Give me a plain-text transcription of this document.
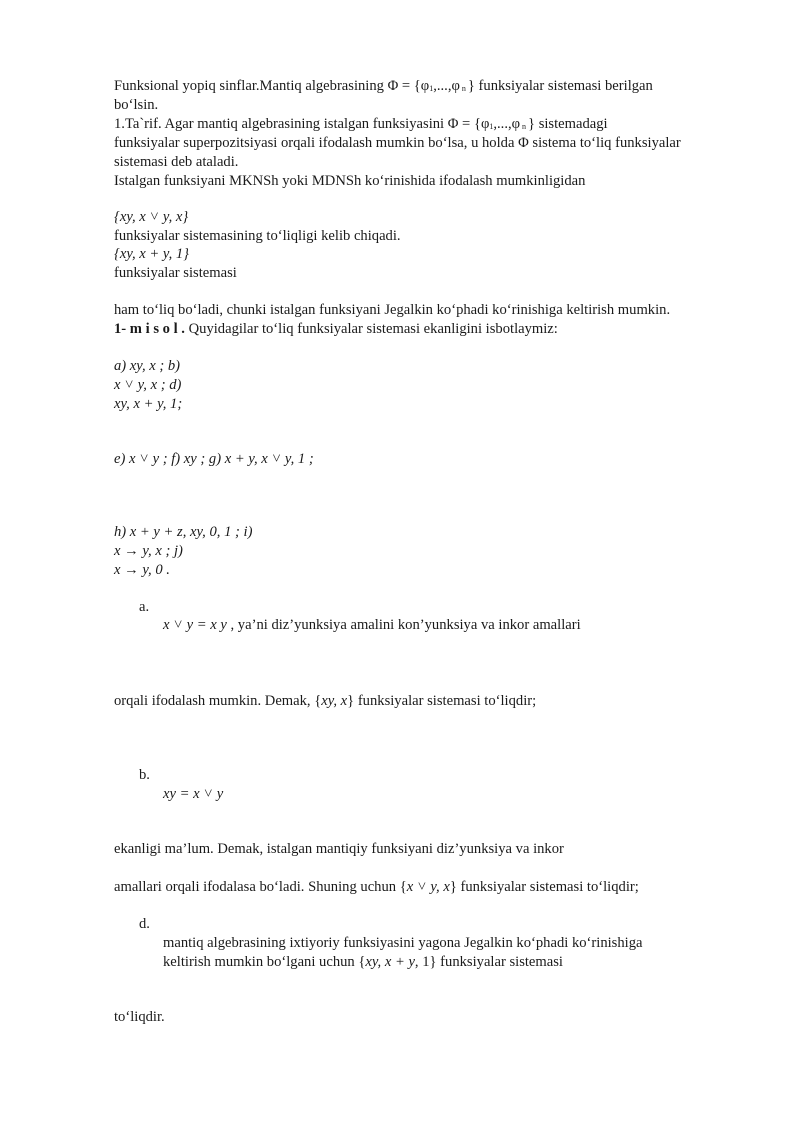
Funksional yopiq sinflar.Mantiq algebrasining $\Phi = \{\varphi_1,...,\varphi$ $_n$ } funksiyalar sistemasi berilgan
bo‘lsin.
1.Ta`rif. Agar mantiq algebrasining istalgan funksiyasini $\Phi = \{\varphi_1,...,\varphi$ $_n$ } sistemadagi
funksiyalar superpozitsiyasi orqali ifodalash mumkin bo‘lsa, u holda Φ sistema to‘liq funksiyalar
sistemasi deb ataladi.
Istalgan funksiyani MKNSh yoki MDNSh ko‘rinishida ifodalash mumkinligidan
{xy, x ˅ y, x}
funksiyalar sistemasining to‘liqligi kelib chiqadi.
{xy, x + y, 1}
funksiyalar sistemasi
ham to‘liq bo‘ladi, chunki istalgan funksiyani Jegalkin ko‘phadi ko‘rinishiga keltirish mumkin.
1- m i s o l . Quyidagilar to‘liq funksiyalar sistemasi ekanligini isbotlaymiz:
a) xy, x ; b)
x ˅ y, x ; d)
xy, x + y, 1;
e) x ˅ y ; f) xy ; g) x + y, x ˅ y, 1 ;
h) x + y + z, xy, 0, 1 ; i)
x → y, x ; j)
x → y, 0 .
a.
x ˅ y = x y , ya’ni diz’yunksiya amalini kon’yunksiya va inkor amallari
orqali ifodalash mumkin. Demak, {xy, x} funksiyalar sistemasi to‘liqdir;
b.
xy = x ˅ y
ekanligi ma’lum. Demak, istalgan mantiqiy funksiyani diz’yunksiya va inkor
amallari orqali ifodalasa bo‘ladi. Shuning uchun {x ˅ y, x} funksiyalar sistemasi to‘liqdir;
d.
mantiq algebrasining ixtiyoriy funksiyasini yagona Jegalkin ko‘phadi ko‘rinishiga
keltirish mumkin bo‘lgani uchun {xy, x + y, 1} funksiyalar sistemasi
to‘liqdir.
